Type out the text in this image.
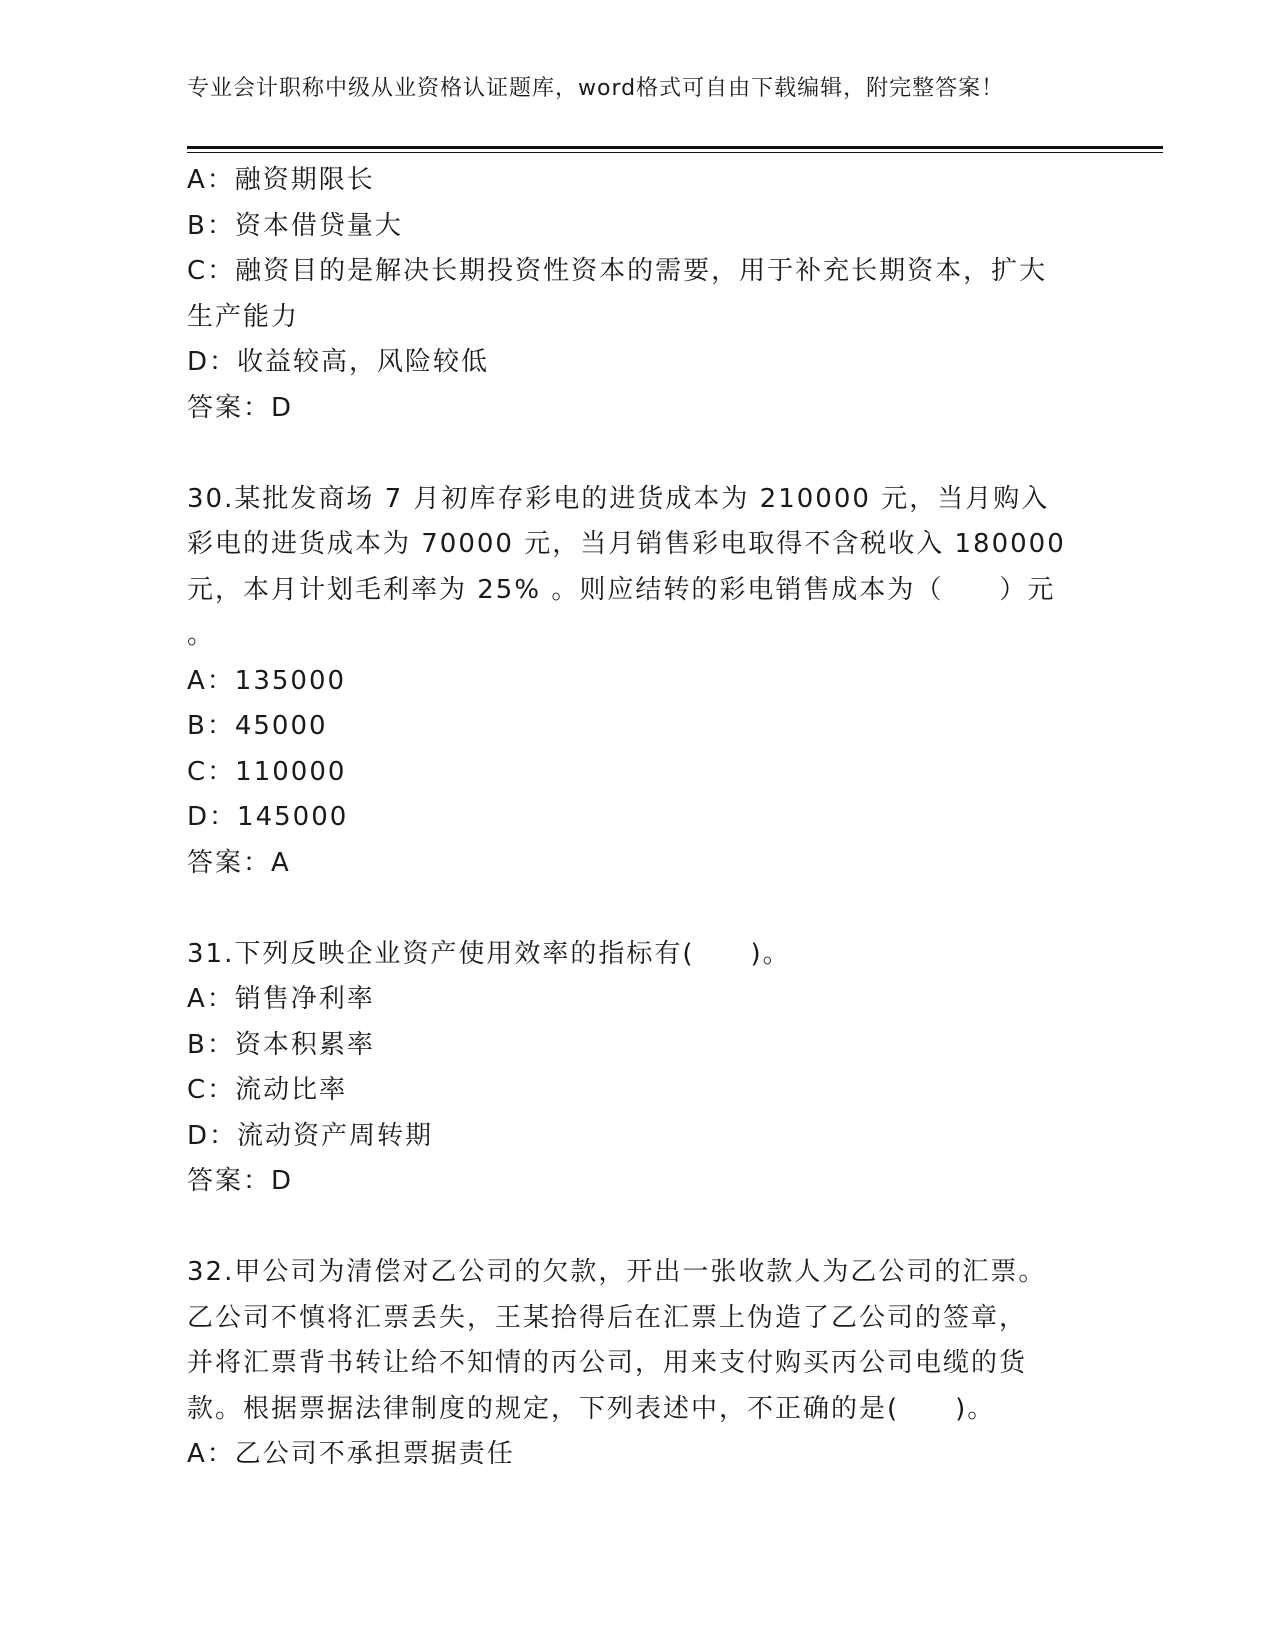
专业会计职称中级从业资格认证题库，word格式可自由下载编辑，附完整答案！
A：融资期限长
B：资本借贷量大
C：融资目的是解决长期投资性资本的需要，用于补充长期资本，扩大
生产能力
D：收益较高，风险较低
答案：D
30.某批发商场 7 月初库存彩电的进货成本为 210000 元，当月购入
彩电的进货成本为 70000 元，当月销售彩电取得不含税收入 180000
元，本月计划毛利率为 25% 。则应结转的彩电销售成本为（　　）元
。
A：135000
B：45000
C：110000
D：145000
答案：A
31.下列反映企业资产使用效率的指标有(　　)。
A：销售净利率
B：资本积累率
C：流动比率
D：流动资产周转期
答案：D
32.甲公司为清偿对乙公司的欠款，开出一张收款人为乙公司的汇票。
乙公司不慎将汇票丢失，王某拾得后在汇票上伪造了乙公司的签章，
并将汇票背书转让给不知情的丙公司，用来支付购买丙公司电缆的货
款。根据票据法律制度的规定，下列表述中，不正确的是(　　)。
A：乙公司不承担票据责任
